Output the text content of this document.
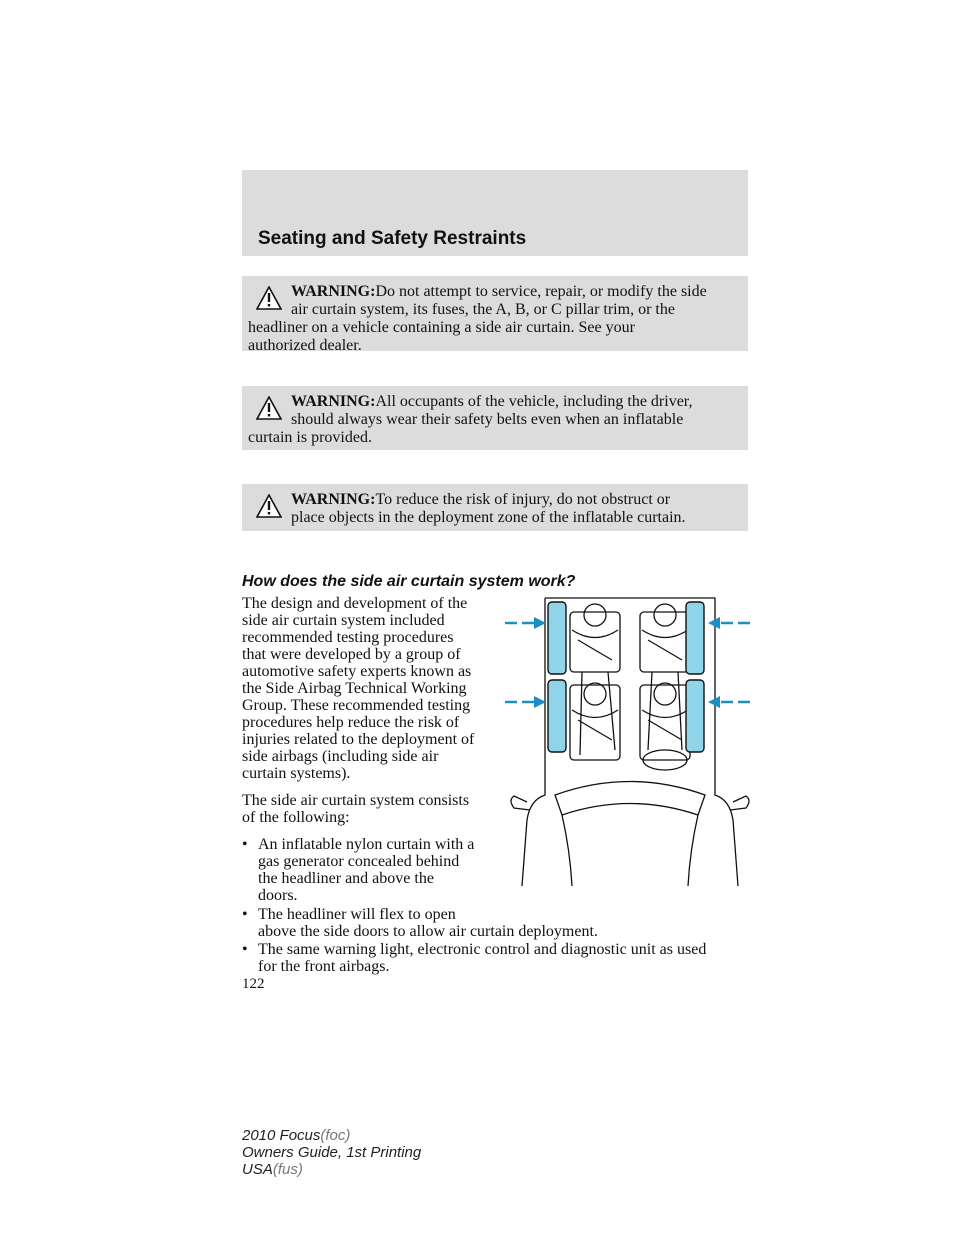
Seating and Safety Restraints
WARNING:Do not attempt to service, repair, or modify the side
air curtain system, its fuses, the A, B, or C pillar trim, or the
headliner on a vehicle containing a side air curtain. See your
authorized dealer.
WARNING:All occupants of the vehicle, including the driver,
should always wear their safety belts even when an inflatable
curtain is provided.
WARNING:To reduce the risk of injury, do not obstruct or
place objects in the deployment zone of the inflatable curtain.
How does the side air curtain system work?
The design and development of the
side air curtain system included
recommended testing procedures
that were developed by a group of
automotive safety experts known as
the Side Airbag Technical Working
Group. These recommended testing
procedures help reduce the risk of
injuries related to the deployment of
side airbags (including side air
curtain systems).
The side air curtain system consists
of the following:
• An inflatable nylon curtain with a
gas generator concealed behind
the headliner and above the
doors.
• The headliner will flex to open
above the side doors to allow air curtain deployment.
• The same warning light, electronic control and diagnostic unit as used
for the front airbags.
122
2010 Focus(foc)
Owners Guide, 1st Printing
USA(fus)
